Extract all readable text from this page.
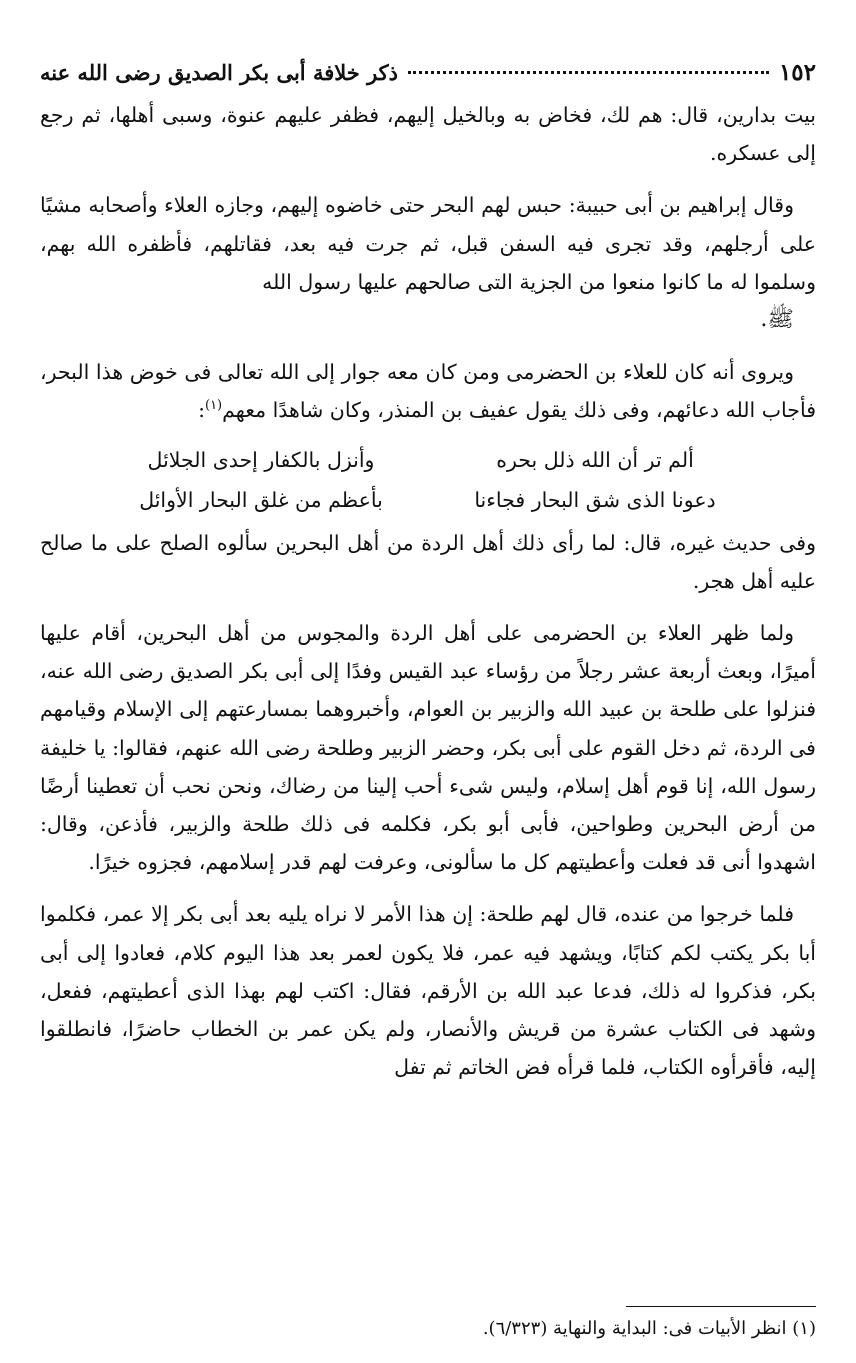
١٥٢
ذكر خلافة أبى بكر الصديق رضى الله عنه

بيت بدارين، قال: هم لك، فخاض به وبالخيل إليهم، فظفر عليهم عنوة، وسبى أهلها، ثم رجع إلى عسكره.

وقال إبراهيم بن أبى حبيبة: حبس لهم البحر حتى خاضوه إليهم، وجازه العلاء وأصحابه مشيًا على أرجلهم، وقد تجرى فيه السفن قبل، ثم جرت فيه بعد، فقاتلهم، فأظفره الله بهم، وسلموا له ما كانوا منعوا من الجزية التى صالحهم عليها رسول الله
ﷺ.

ويروى أنه كان للعلاء بن الحضرمى ومن كان معه جوار إلى الله تعالى فى خوض هذا البحر، فأجاب الله دعائهم، وفى ذلك يقول عفيف بن المنذر، وكان شاهدًا معهم$^{(١)}$:

ألم تر أن الله ذلل بحره
وأنزل بالكفار إحدى الجلائل
دعونا الذى شق البحار فجاءنا
بأعظم من غلق البحار الأوائل

وفى حديث غيره، قال: لما رأى ذلك أهل الردة من أهل البحرين سألوه الصلح على ما صالح عليه أهل هجر.

ولما ظهر العلاء بن الحضرمى على أهل الردة والمجوس من أهل البحرين، أقام عليها أميرًا، وبعث أربعة عشر رجلاً من رؤساء عبد القيس وفدًا إلى أبى بكر الصديق رضى الله عنه، فنزلوا على طلحة بن عبيد الله والزبير بن العوام، وأخبروهما بمسارعتهم إلى الإسلام وقيامهم فى الردة، ثم دخل القوم على أبى بكر، وحضر الزبير وطلحة رضى الله عنهم، فقالوا: يا خليفة رسول الله، إنا قوم أهل إسلام، وليس شىء أحب إلينا من رضاك، ونحن نحب أن تعطينا أرضًا من أرض البحرين وطواحين، فأبى أبو بكر، فكلمه فى ذلك طلحة والزبير، فأذعن، وقال: اشهدوا أنى قد فعلت وأعطيتهم كل ما سألونى، وعرفت لهم قدر إسلامهم، فجزوه خيرًا.

فلما خرجوا من عنده، قال لهم طلحة: إن هذا الأمر لا نراه يليه بعد أبى بكر إلا عمر، فكلموا أبا بكر يكتب لكم كتابًا، ويشهد فيه عمر، فلا يكون لعمر بعد هذا اليوم كلام، فعادوا إلى أبى بكر، فذكروا له ذلك، فدعا عبد الله بن الأرقم، فقال: اكتب لهم بهذا الذى أعطيتهم، ففعل، وشهد فى الكتاب عشرة من قريش والأنصار، ولم يكن عمر بن الخطاب حاضرًا، فانطلقوا إليه، فأقرأوه الكتاب، فلما قرأه فض الخاتم ثم تفل

(١) انظر الأبيات فى: البداية والنهاية (٦/٣٢٣).
